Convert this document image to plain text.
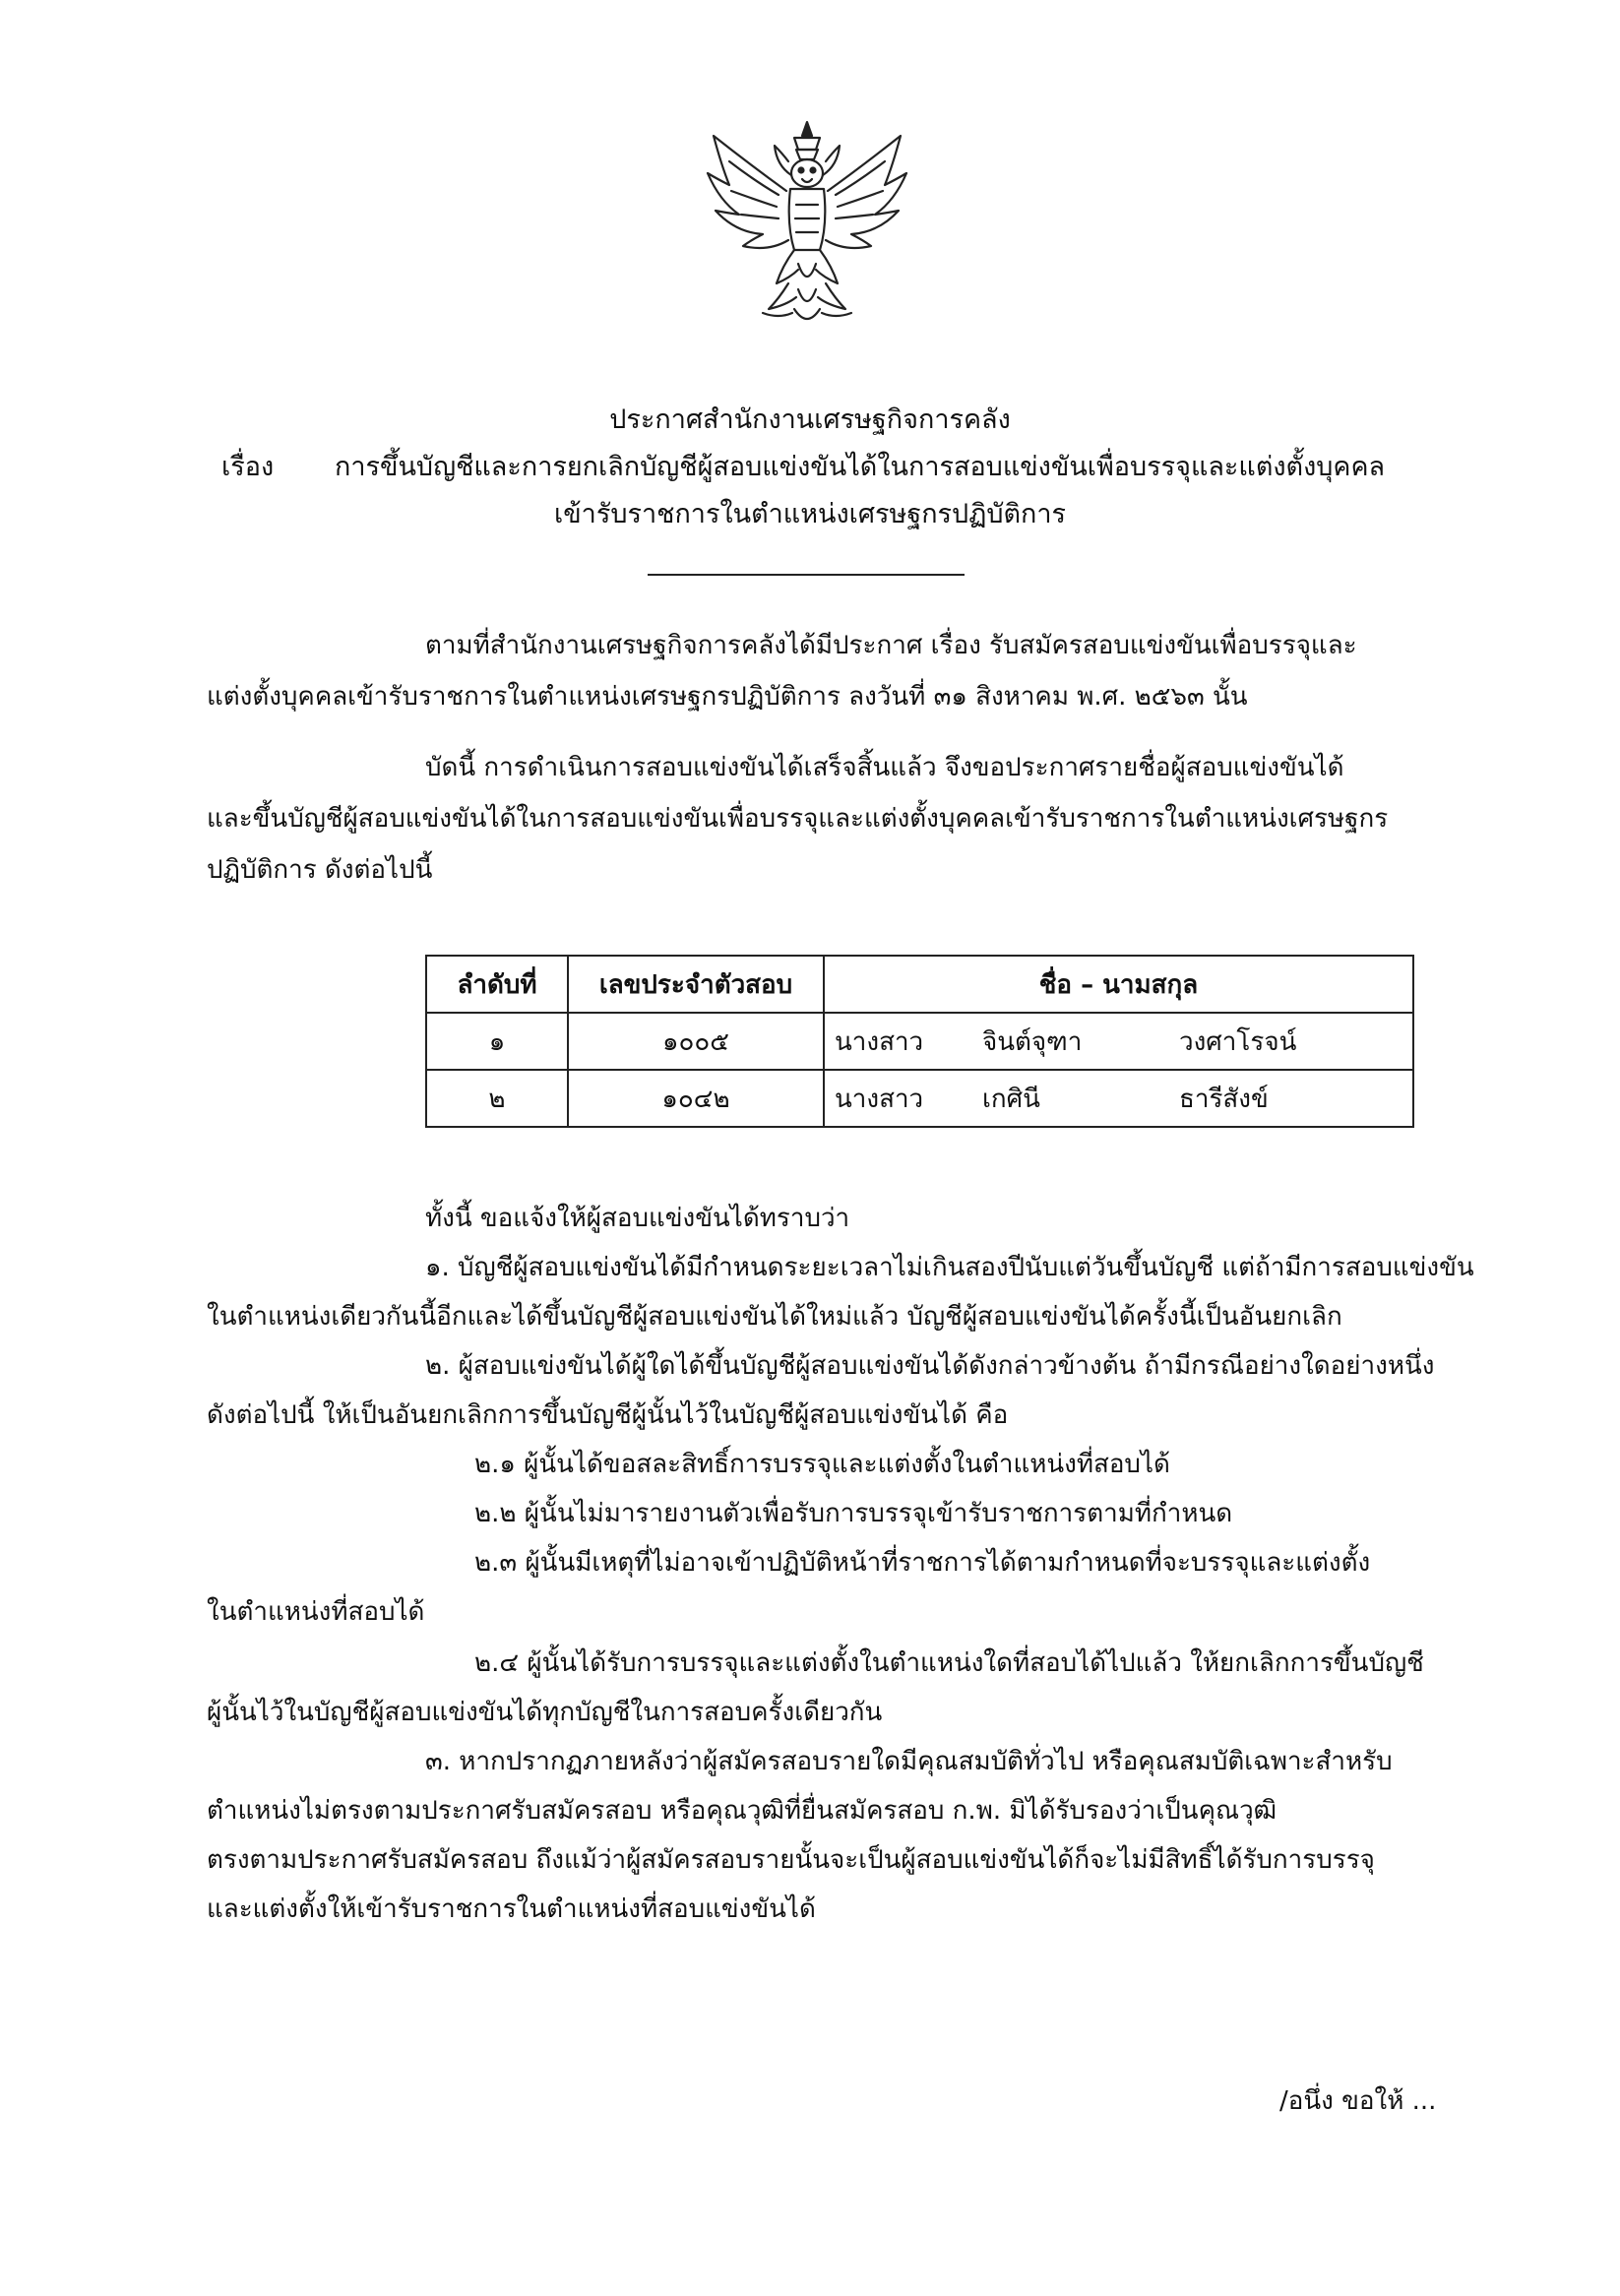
ประกาศสำนักงานเศรษฐกิจการคลัง
เรื่อง การขึ้นบัญชีและการยกเลิกบัญชีผู้สอบแข่งขันได้ในการสอบแข่งขันเพื่อบรรจุและแต่งตั้งบุคคล
เข้ารับราชการในตำแหน่งเศรษฐกรปฏิบัติการ
ตามที่สำนักงานเศรษฐกิจการคลังได้มีประกาศ เรื่อง รับสมัครสอบแข่งขันเพื่อบรรจุและ
แต่งตั้งบุคคลเข้ารับราชการในตำแหน่งเศรษฐกรปฏิบัติการ ลงวันที่ ๓๑ สิงหาคม พ.ศ. ๒๕๖๓ นั้น
บัดนี้ การดำเนินการสอบแข่งขันได้เสร็จสิ้นแล้ว จึงขอประกาศรายชื่อผู้สอบแข่งขันได้
และขึ้นบัญชีผู้สอบแข่งขันได้ในการสอบแข่งขันเพื่อบรรจุและแต่งตั้งบุคคลเข้ารับราชการในตำแหน่งเศรษฐกร
ปฏิบัติการ ดังต่อไปนี้
ลำดับที่	เลขประจำตัวสอบ	ชื่อ – นามสกุล
๑	๑๐๐๕	นางสาว จินต์จุฑา วงศาโรจน์

๒	๑๐๔๒	นางสาว เกศินี ธารีสังข์
ทั้งนี้ ขอแจ้งให้ผู้สอบแข่งขันได้ทราบว่า
๑. บัญชีผู้สอบแข่งขันได้มีกำหนดระยะเวลาไม่เกินสองปีนับแต่วันขึ้นบัญชี แต่ถ้ามีการสอบแข่งขัน
ในตำแหน่งเดียวกันนี้อีกและได้ขึ้นบัญชีผู้สอบแข่งขันได้ใหม่แล้ว บัญชีผู้สอบแข่งขันได้ครั้งนี้เป็นอันยกเลิก
๒. ผู้สอบแข่งขันได้ผู้ใดได้ขึ้นบัญชีผู้สอบแข่งขันได้ดังกล่าวข้างต้น ถ้ามีกรณีอย่างใดอย่างหนึ่ง
ดังต่อไปนี้ ให้เป็นอันยกเลิกการขึ้นบัญชีผู้นั้นไว้ในบัญชีผู้สอบแข่งขันได้ คือ
๒.๑ ผู้นั้นได้ขอสละสิทธิ์การบรรจุและแต่งตั้งในตำแหน่งที่สอบได้
๒.๒ ผู้นั้นไม่มารายงานตัวเพื่อรับการบรรจุเข้ารับราชการตามที่กำหนด
๒.๓ ผู้นั้นมีเหตุที่ไม่อาจเข้าปฏิบัติหน้าที่ราชการได้ตามกำหนดที่จะบรรจุและแต่งตั้ง
ในตำแหน่งที่สอบได้
๒.๔ ผู้นั้นได้รับการบรรจุและแต่งตั้งในตำแหน่งใดที่สอบได้ไปแล้ว ให้ยกเลิกการขึ้นบัญชี
ผู้นั้นไว้ในบัญชีผู้สอบแข่งขันได้ทุกบัญชีในการสอบครั้งเดียวกัน
๓. หากปรากฏภายหลังว่าผู้สมัครสอบรายใดมีคุณสมบัติทั่วไป หรือคุณสมบัติเฉพาะสำหรับ
ตำแหน่งไม่ตรงตามประกาศรับสมัครสอบ หรือคุณวุฒิที่ยื่นสมัครสอบ ก.พ. มิได้รับรองว่าเป็นคุณวุฒิ
ตรงตามประกาศรับสมัครสอบ ถึงแม้ว่าผู้สมัครสอบรายนั้นจะเป็นผู้สอบแข่งขันได้ก็จะไม่มีสิทธิ์ได้รับการบรรจุ
และแต่งตั้งให้เข้ารับราชการในตำแหน่งที่สอบแข่งขันได้
/อนึ่ง ขอให้ ...
